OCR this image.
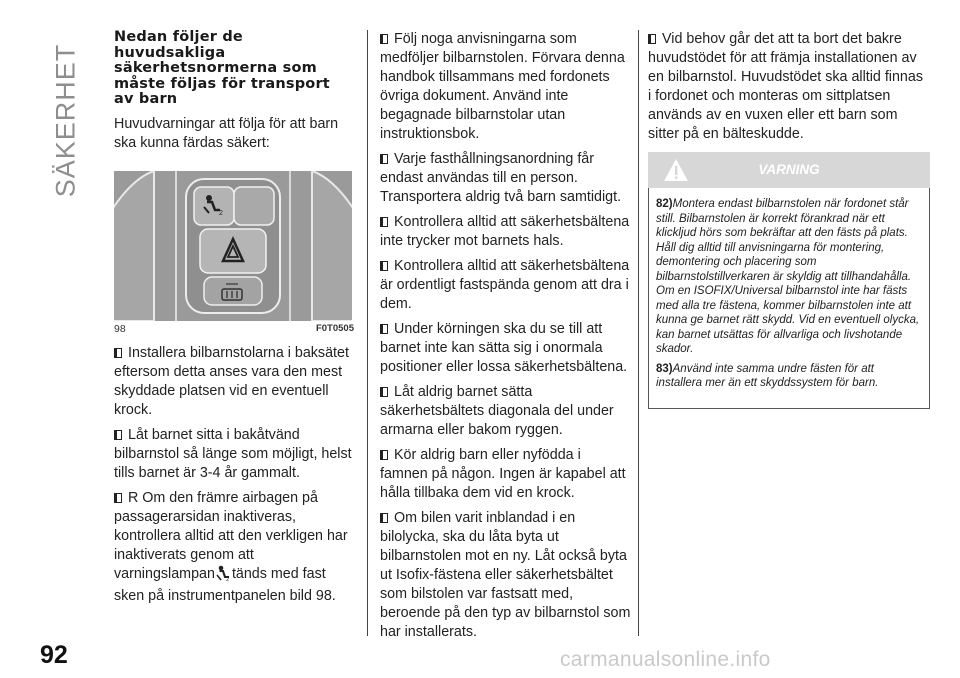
SÄKERHET
92	carmanualsonline.info
Nedan följer de huvudsakliga säkerhetsnormerna som måste följas för transport av barn

Huvudvarningar att följa för att barn ska kunna färdas säkert:

2
98	F0T0505

Installera bilbarnstolarna i baksätet eftersom detta anses vara den mest skyddade platsen vid en eventuell krock.

Låt barnet sitta i bakåtvänd bilbarnstol så länge som möjligt, helst tills barnet är 3-4 år gammalt.

R Om den främre airbagen på passagerarsidan inaktiveras, kontrollera alltid att den verkligen har inaktiverats genom att varningslampan 2 tänds med fast sken på instrumentpanelen bild 98.

Följ noga anvisningarna som medföljer bilbarnstolen. Förvara denna handbok tillsammans med fordonets övriga dokument. Använd inte begagnade bilbarnstolar utan instruktionsbok.

Varje fasthållningsanordning får endast användas till en person. Transportera aldrig två barn samtidigt.

Kontrollera alltid att säkerhetsbältena inte trycker mot barnets hals.

Kontrollera alltid att säkerhetsbältena är ordentligt fastspända genom att dra i dem.

Under körningen ska du se till att barnet inte kan sätta sig i onormala positioner eller lossa säkerhetsbältena.

Låt aldrig barnet sätta säkerhetsbältets diagonala del under armarna eller bakom ryggen.

Kör aldrig barn eller nyfödda i famnen på någon. Ingen är kapabel att hålla tillbaka dem vid en krock.

Om bilen varit inblandad i en bilolycka, ska du låta byta ut bilbarnstolen mot en ny. Låt också byta ut Isofix-fästena eller säkerhetsbältet som bilstolen var fastsatt med, beroende på den typ av bilbarnstol som har installerats.

Vid behov går det att ta bort det bakre huvudstödet för att främja installationen av en bilbarnstol. Huvudstödet ska alltid finnas i fordonet och monteras om sittplatsen används av en vuxen eller ett barn som sitter på en bälteskudde.

VARNING

82)Montera endast bilbarnstolen när fordonet står still. Bilbarnstolen är korrekt förankrad när ett klickljud hörs som bekräftar att den fästs på plats. Håll dig alltid till anvisningarna för montering, demontering och placering som bilbarnstolstillverkaren är skyldig att tillhandahålla. Om en ISOFIX/Universal bilbarnstol inte har fästs med alla tre fästena, kommer bilbarnstolen inte att kunna ge barnet rätt skydd. Vid en eventuell olycka, kan barnet utsättas för allvarliga och livshotande skador.

83)Använd inte samma undre fästen för att installera mer än ett skyddssystem för barn.
